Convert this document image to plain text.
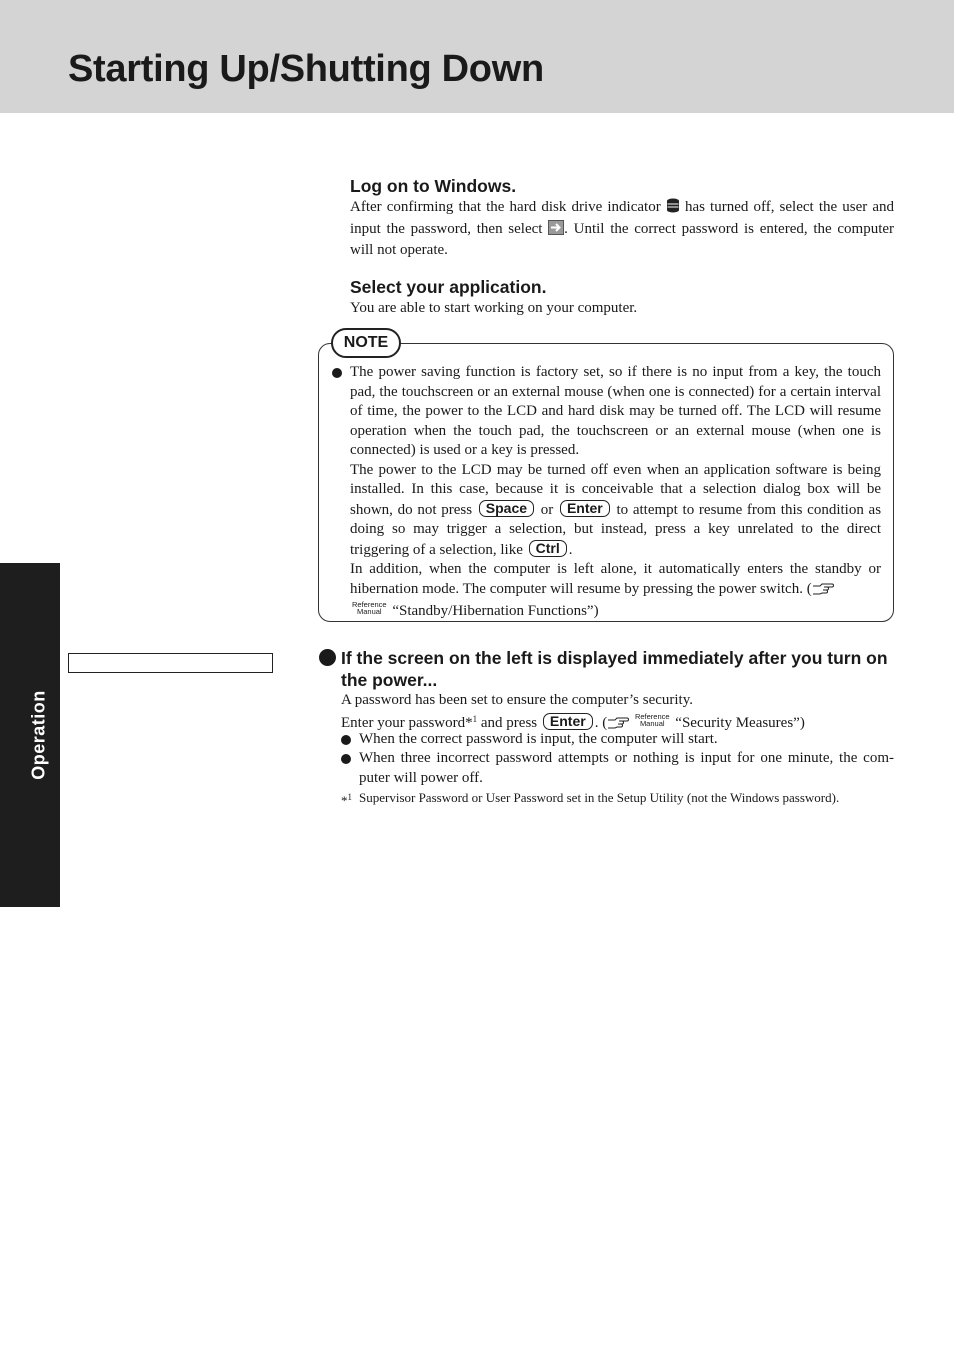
Starting Up/Shutting Down
Operation
Log on to Windows.
After confirming that the hard disk drive indicator has turned off, select the user and input the password, then select . Until the correct password is entered, the computer will not operate.
Select your application.
You are able to start working on your computer.
NOTE
The power saving function is factory set, so if there is no input from a key, the touch pad, the touchscreen or an external mouse (when one is connected) for a certain interval of time, the power to the LCD and hard disk may be turned off. The LCD will resume operation when the touch pad, the touchscreen or an external mouse (when one is connected) is used or a key is pressed.
The power to the LCD may be turned off even when an application software is being installed. In this case, because it is conceivable that a selection dialog box will be shown, do not press Space or Enter to attempt to resume from this condition as doing so may trigger a selection, but instead, press a key unrelated to the direct triggering of a selection, like Ctrl .
In addition, when the computer is left alone, it automatically enters the standby or hibernation mode. The computer will resume by pressing the power switch. (

Reference
Manual “Standby/Hibernation Functions”)
If the screen on the left is displayed immediately after you turn on the power...
A password has been set to ensure the computer’s security.
Enter your password*$^1$ and press Enter . (	Reference
Manual “Security Measures”)
When the correct password is input, the computer will start.
When three incorrect password attempts or nothing is input for one minute, the com-puter will power off.
*$^1$ Supervisor Password or User Password set in the Setup Utility (not the Windows password).
